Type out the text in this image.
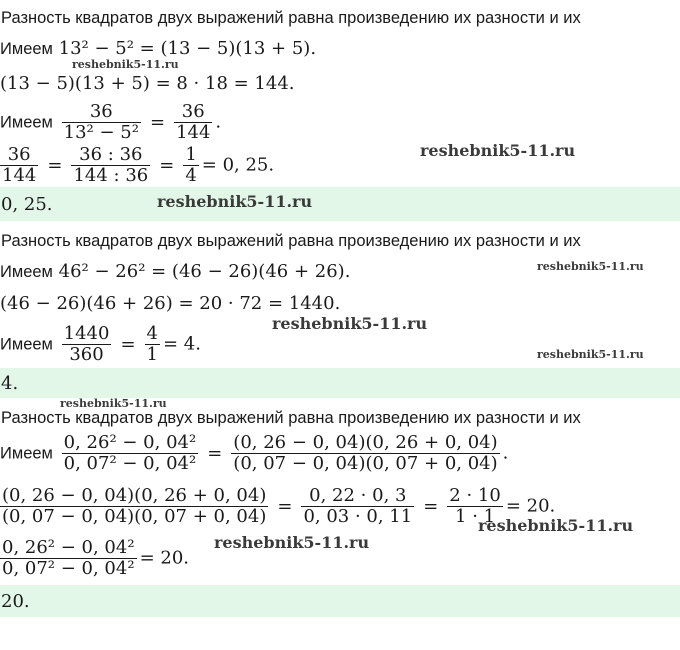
Разность квадратов двух выражений равна произведению их разности и их
Имеем 13² − 5² = (13 − 5)(13 + 5).
(13 − 5)(13 + 5) = 8 · 18 = 144.
Имеем $\frac{36}{\text{13² − 5²}} = \frac{36}{144}$ .
$\frac{36}{144} = \frac{36 : 36}{144 : 36} = \frac{1}{4} = 0$, 25.
0, 25.
Разность квадратов двух выражений равна произведению их разности и их
Имеем 46² − 26² = (46 − 26)(46 + 26).
(46 − 26)(46 + 26) = 20 · 72 = 1440.
Имеем $\frac{1440}{360} = \frac{4}{1} = 4$.
4.
Разность квадратов двух выражений равна произведению их разности и их
Имеем $\frac{\text{0, 26² − 0, 04²}}{\text{0, 07² − 0, 04²}} = \frac{(0, 26 - 0, 04)(0, 26 + 0, 04)}{(0, 07 - 0, 04)(0, 07 + 0, 04)}$ .
$\frac{(0, 26 - 0, 04)(0, 26 + 0, 04)}{(0, 07 - 0, 04)(0, 07 + 0, 04)} = \frac{0, 22 \cdot 0, 3}{0, 03 \cdot 0, 11} = \frac{2 \cdot 10}{1 \cdot 1} = 20$.
$\frac{\text{0, 26² − 0, 04²}}{\text{0, 07² − 0, 04²}} = 20$.
20.
reshebnik5-11.ru
reshebnik5-11.ru
reshebnik5-11.ru
reshebnik5-11.ru
reshebnik5-11.ru
reshebnik5-11.ru
reshebnik5-11.ru
reshebnik5-11.ru
reshebnik5-11.ru
